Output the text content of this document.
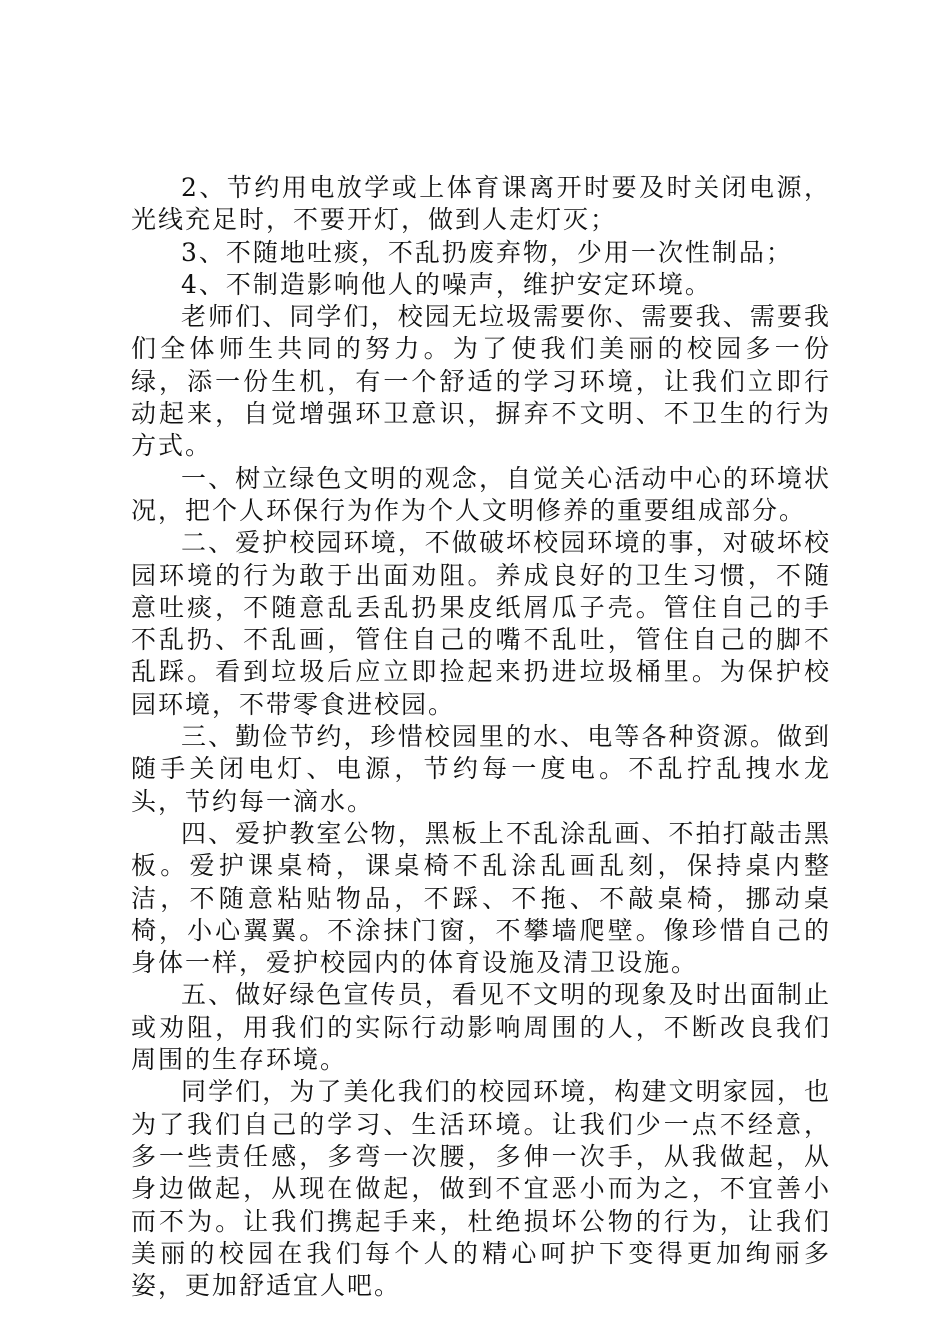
2、节约用电放学或上体育课离开时要及时关闭电源，光线充足时，不要开灯，做到人走灯灭；

3、不随地吐痰，不乱扔废弃物，少用一次性制品；

4、不制造影响他人的噪声，维护安定环境。

老师们、同学们，校园无垃圾需要你、需要我、需要我们全体师生共同的努力。为了使我们美丽的校园多一份绿，添一份生机，有一个舒适的学习环境，让我们立即行动起来，自觉增强环卫意识，摒弃不文明、不卫生的行为方式。

一、树立绿色文明的观念，自觉关心活动中心的环境状况，把个人环保行为作为个人文明修养的重要组成部分。

二、爱护校园环境，不做破坏校园环境的事，对破坏校园环境的行为敢于出面劝阻。养成良好的卫生习惯，不随意吐痰，不随意乱丢乱扔果皮纸屑瓜子壳。管住自己的手不乱扔、不乱画，管住自己的嘴不乱吐，管住自己的脚不乱踩。看到垃圾后应立即捡起来扔进垃圾桶里。为保护校园环境，不带零食进校园。

三、勤俭节约，珍惜校园里的水、电等各种资源。做到随手关闭电灯、电源，节约每一度电。不乱拧乱拽水龙头，节约每一滴水。

四、爱护教室公物，黑板上不乱涂乱画、不拍打敲击黑板。爱护课桌椅，课桌椅不乱涂乱画乱刻，保持桌内整洁，不随意粘贴物品，不踩、不拖、不敲桌椅，挪动桌椅，小心翼翼。不涂抹门窗，不攀墙爬壁。像珍惜自己的身体一样，爱护校园内的体育设施及清卫设施。

五、做好绿色宣传员，看见不文明的现象及时出面制止或劝阻，用我们的实际行动影响周围的人，不断改良我们周围的生存环境。

同学们，为了美化我们的校园环境，构建文明家园，也为了我们自己的学习、生活环境。让我们少一点不经意，多一些责任感，多弯一次腰，多伸一次手，从我做起，从身边做起，从现在做起，做到不宜恶小而为之，不宜善小而不为。让我们携起手来，杜绝损坏公物的行为，让我们美丽的校园在我们每个人的精心呵护下变得更加绚丽多姿，更加舒适宜人吧。
